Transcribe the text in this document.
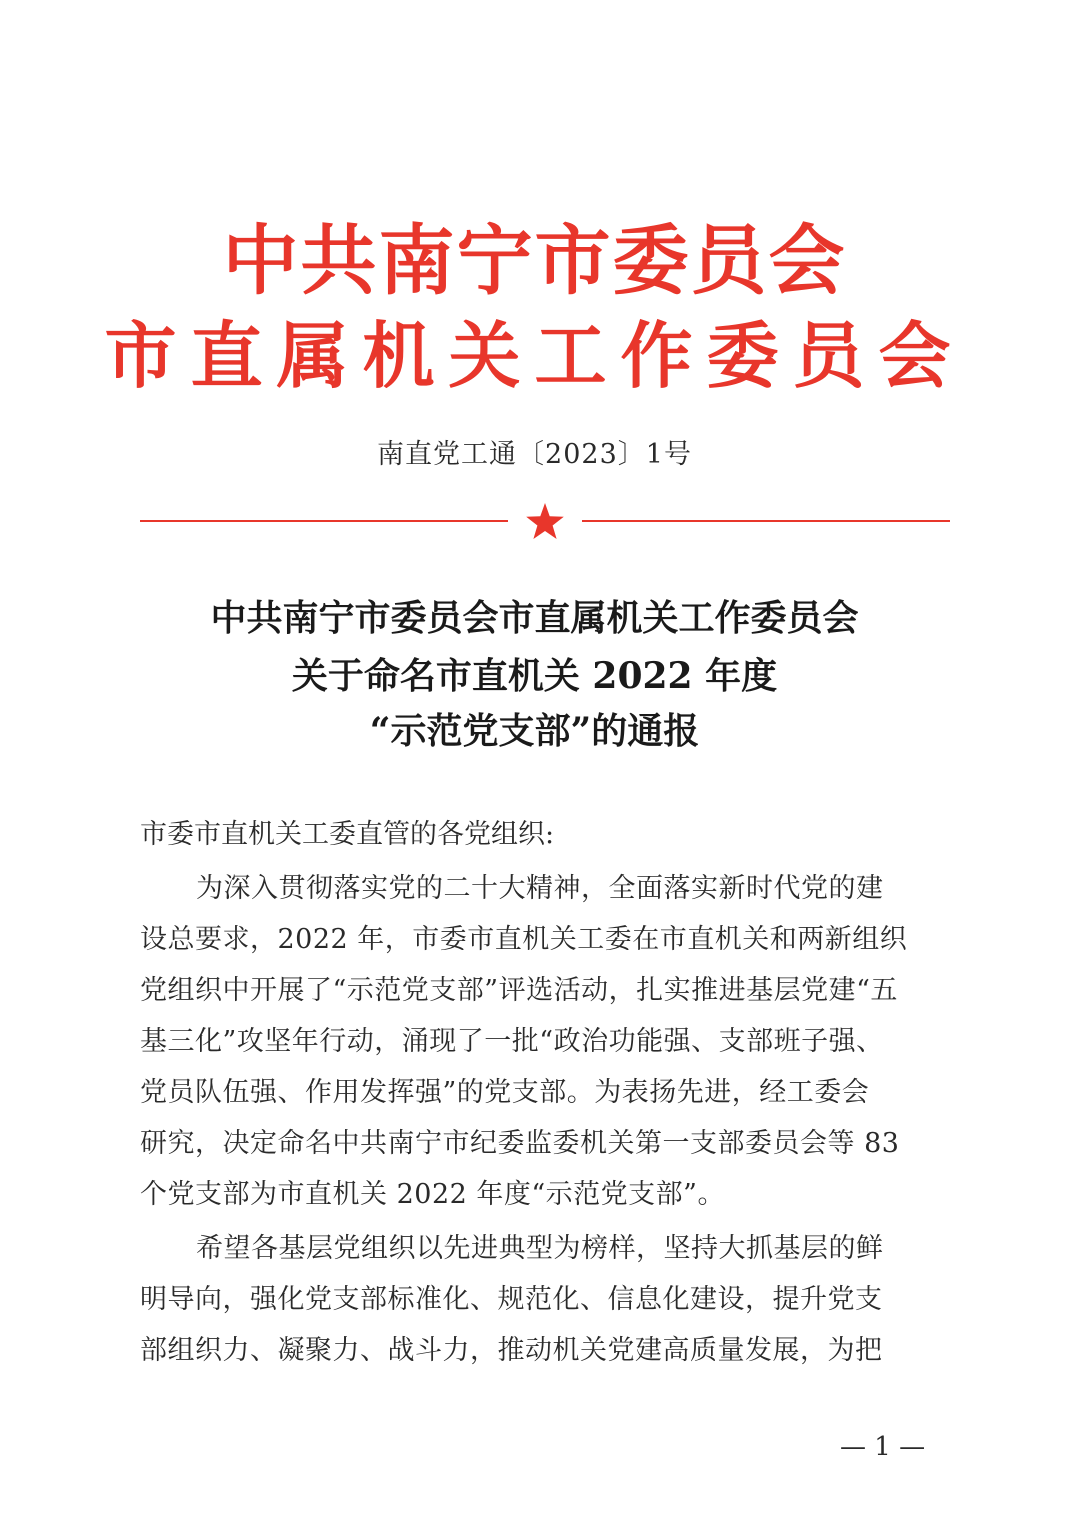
中共南宁市委员会
市直属机关工作委员会
南直党工通〔2023〕1号
中共南宁市委员会市直属机关工作委员会
关于命名市直机关 2022 年度
“示范党支部”的通报
市委市直机关工委直管的各党组织:
为深入贯彻落实党的二十大精神，全面落实新时代党的建
设总要求，2022 年，市委市直机关工委在市直机关和两新组织
党组织中开展了“示范党支部”评选活动，扎实推进基层党建“五
基三化”攻坚年行动，涌现了一批“政治功能强、支部班子强、
党员队伍强、作用发挥强”的党支部。为表扬先进，经工委会
研究，决定命名中共南宁市纪委监委机关第一支部委员会等 83
个党支部为市直机关 2022 年度“示范党支部”。
希望各基层党组织以先进典型为榜样，坚持大抓基层的鲜
明导向，强化党支部标准化、规范化、信息化建设，提升党支
部组织力、凝聚力、战斗力，推动机关党建高质量发展，为把
— 1 —
